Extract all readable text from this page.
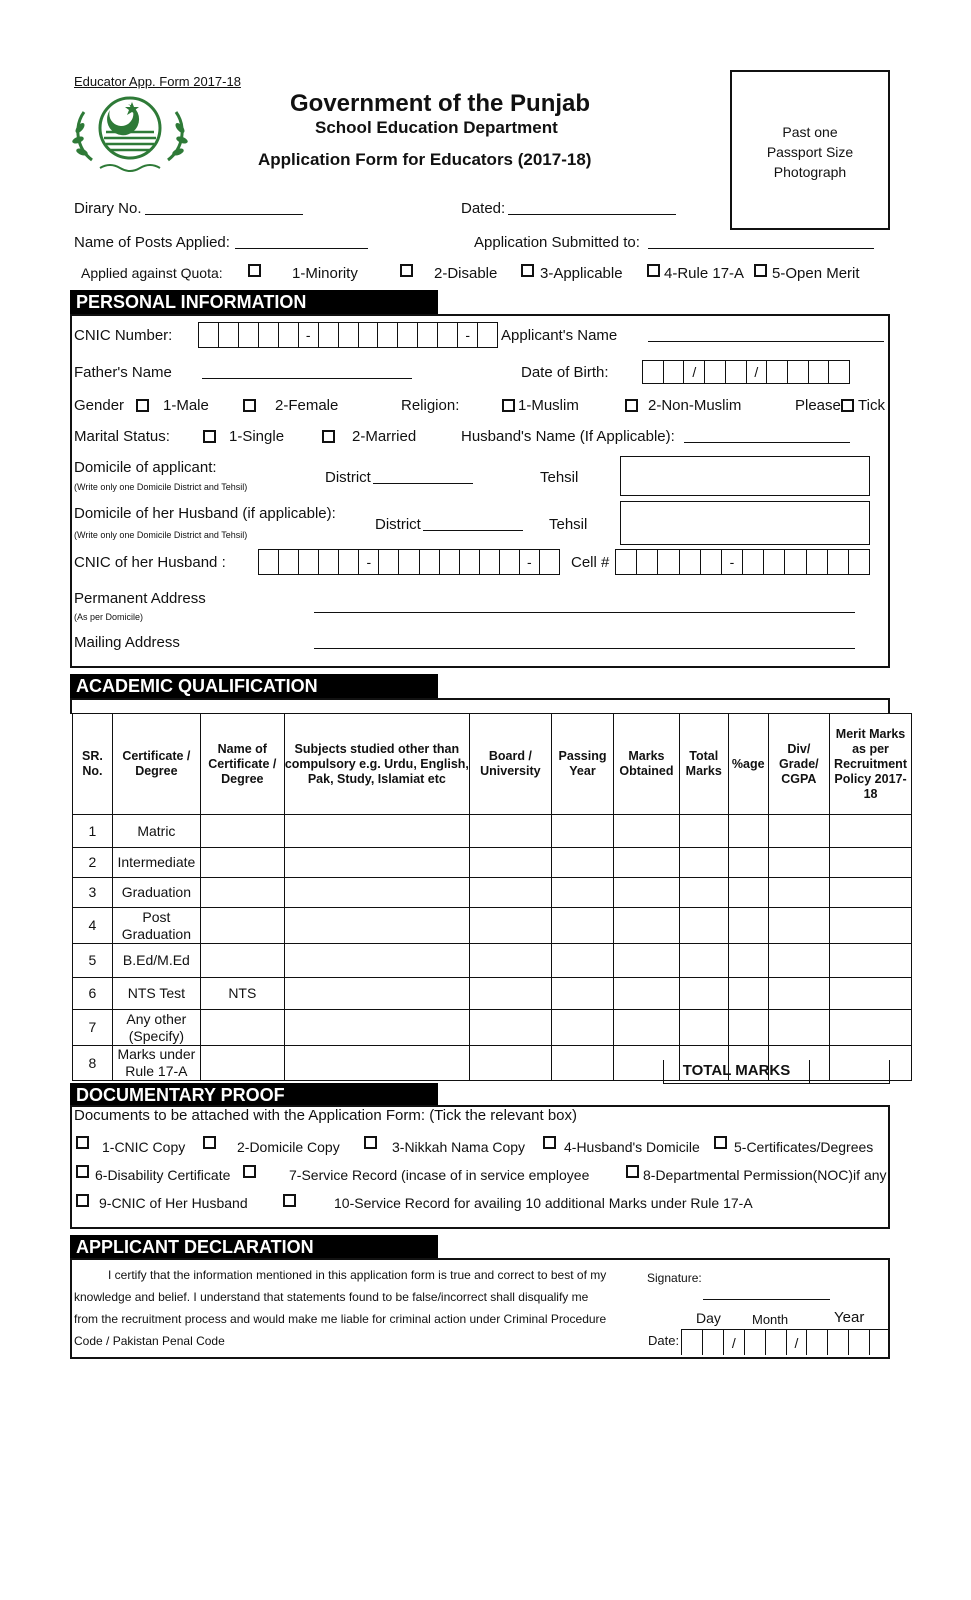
Educator App. Form 2017-18
Government of the Punjab
School Education Department
Application Form for Educators (2017-18)
Past one
Passport Size
Photograph
Dirary No.	Dated:
Name of Posts Applied:	Application Submitted to:
Applied against Quota:	1-Minority	2-Disable	3-Applicable	4-Rule 17-A 5-Open Merit
PERSONAL INFORMATION
CNIC Number:	-	-	Applicant's Name
Father's Name	Date of Birth:	/	/
Gender	1-Male	2-Female	Religion:	1-Muslim	2-Non-Muslim	Please Tick
Marital Status:	1-Single	2-Married	Husband's Name (If Applicable):
Domicile of applicant:
(Write only one Domicile District and Tehsil)
District	Tehsil
Domicile of her Husband (if applicable):
(Write only one Domicile District and Tehsil)
District	Tehsil
CNIC of her Husband :	-	-	Cell #	-
Permanent Address
(As per Domicile)
Mailing Address
ACADEMIC QUALIFICATION
SR. No.	Certificate / Degree	Name of Certificate / Degree	Subjects studied other than compulsory e.g. Urdu, English, Pak, Study, Islamiat etc	Board / University	Passing Year	Marks Obtained	Total Marks	%age	Div/ Grade/ CGPA	Merit Marks as per Recruitment Policy 2017-18
1	Matric									
2	Intermediate									
3	Graduation									
4	Post Graduation									
5	B.Ed/M.Ed									
6	NTS Test	NTS								
7	Any other (Specify)									
8	Marks under Rule 17-A										TOTAL MARKS
DOCUMENTARY PROOF
Documents to be attached with the Application Form: (Tick the relevant box)
1-CNIC Copy	2-Domicile Copy	3-Nikkah Nama Copy	4-Husband's Domicile 5-Certificates/Degrees
6-Disability Certificate	7-Service Record (incase of in service employee	8-Departmental Permission(NOC)if any
9-CNIC of Her Husband	10-Service Record for availing 10 additional Marks under Rule 17-A
APPLICANT DECLARATION
I certify that the information mentioned in this application form is true and correct to best of my
knowledge and belief. I understand that statements found to be false/incorrect shall disqualify me
from the recruitment process and would make me liable for criminal action under Criminal Procedure
Code / Pakistan Penal Code
Signature:
Day Month	Year
Date:	/	/
